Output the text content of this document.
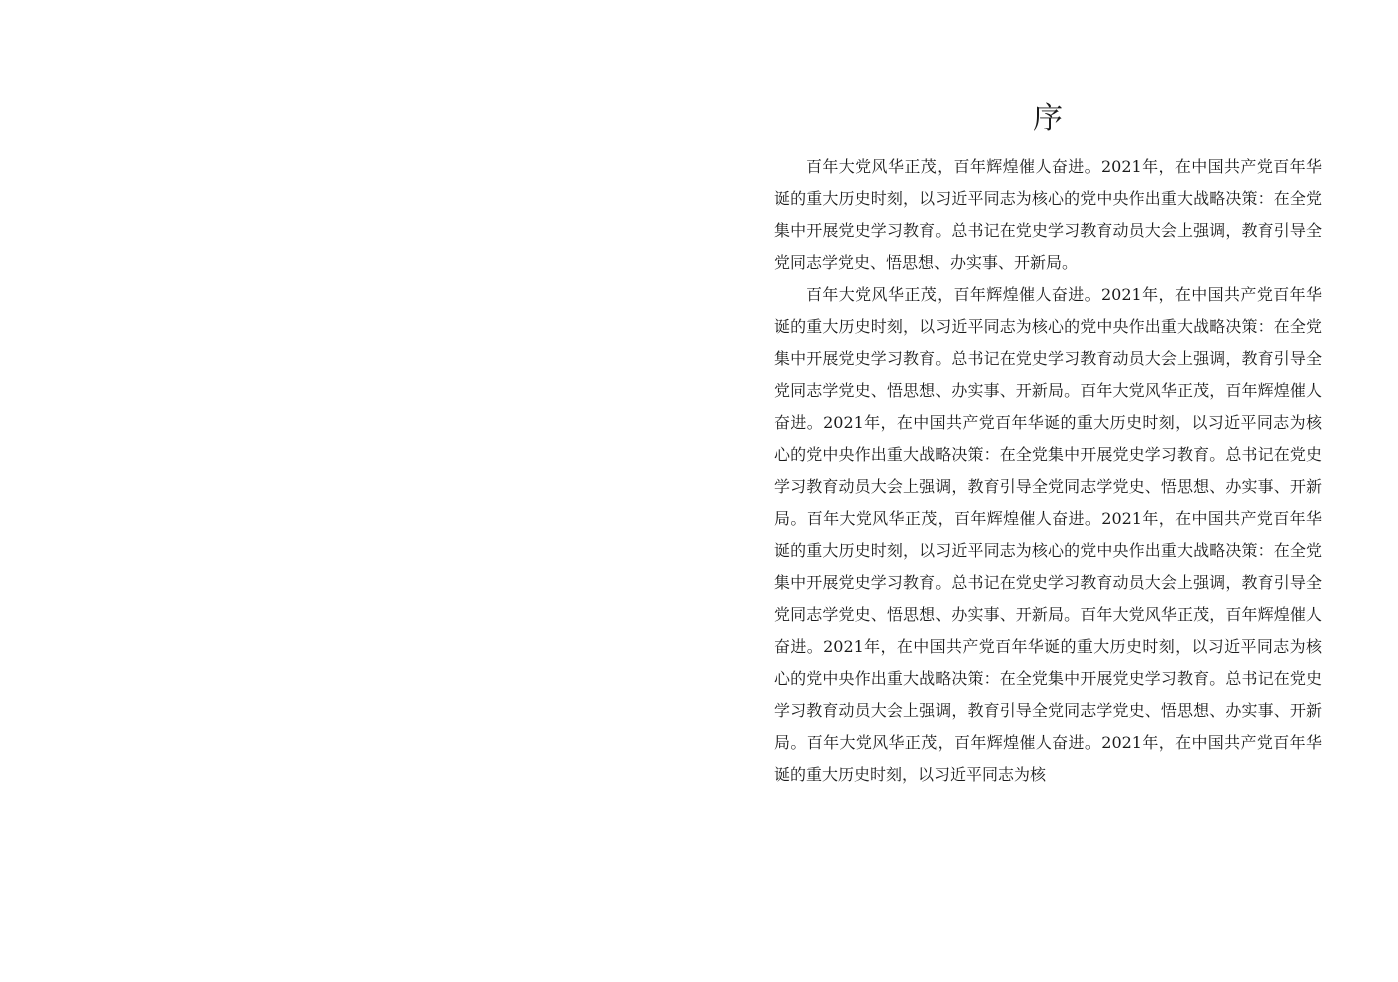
序

百年大党风华正茂，百年辉煌催人奋进。2021年，在中国共产党百年华诞的重大历史时刻，以习近平同志为核心的党中央作出重大战略决策：在全党集中开展党史学习教育。总书记在党史学习教育动员大会上强调，教育引导全党同志学党史、悟思想、办实事、开新局。

百年大党风华正茂，百年辉煌催人奋进。2021年，在中国共产党百年华诞的重大历史时刻，以习近平同志为核心的党中央作出重大战略决策：在全党集中开展党史学习教育。总书记在党史学习教育动员大会上强调，教育引导全党同志学党史、悟思想、办实事、开新局。百年大党风华正茂，百年辉煌催人奋进。2021年，在中国共产党百年华诞的重大历史时刻，以习近平同志为核心的党中央作出重大战略决策：在全党集中开展党史学习教育。总书记在党史学习教育动员大会上强调，教育引导全党同志学党史、悟思想、办实事、开新局。百年大党风华正茂，百年辉煌催人奋进。2021年，在中国共产党百年华诞的重大历史时刻，以习近平同志为核心的党中央作出重大战略决策：在全党集中开展党史学习教育。总书记在党史学习教育动员大会上强调，教育引导全党同志学党史、悟思想、办实事、开新局。百年大党风华正茂，百年辉煌催人奋进。2021年，在中国共产党百年华诞的重大历史时刻，以习近平同志为核心的党中央作出重大战略决策：在全党集中开展党史学习教育。总书记在党史学习教育动员大会上强调，教育引导全党同志学党史、悟思想、办实事、开新局。百年大党风华正茂，百年辉煌催人奋进。2021年，在中国共产党百年华诞的重大历史时刻，以习近平同志为核
